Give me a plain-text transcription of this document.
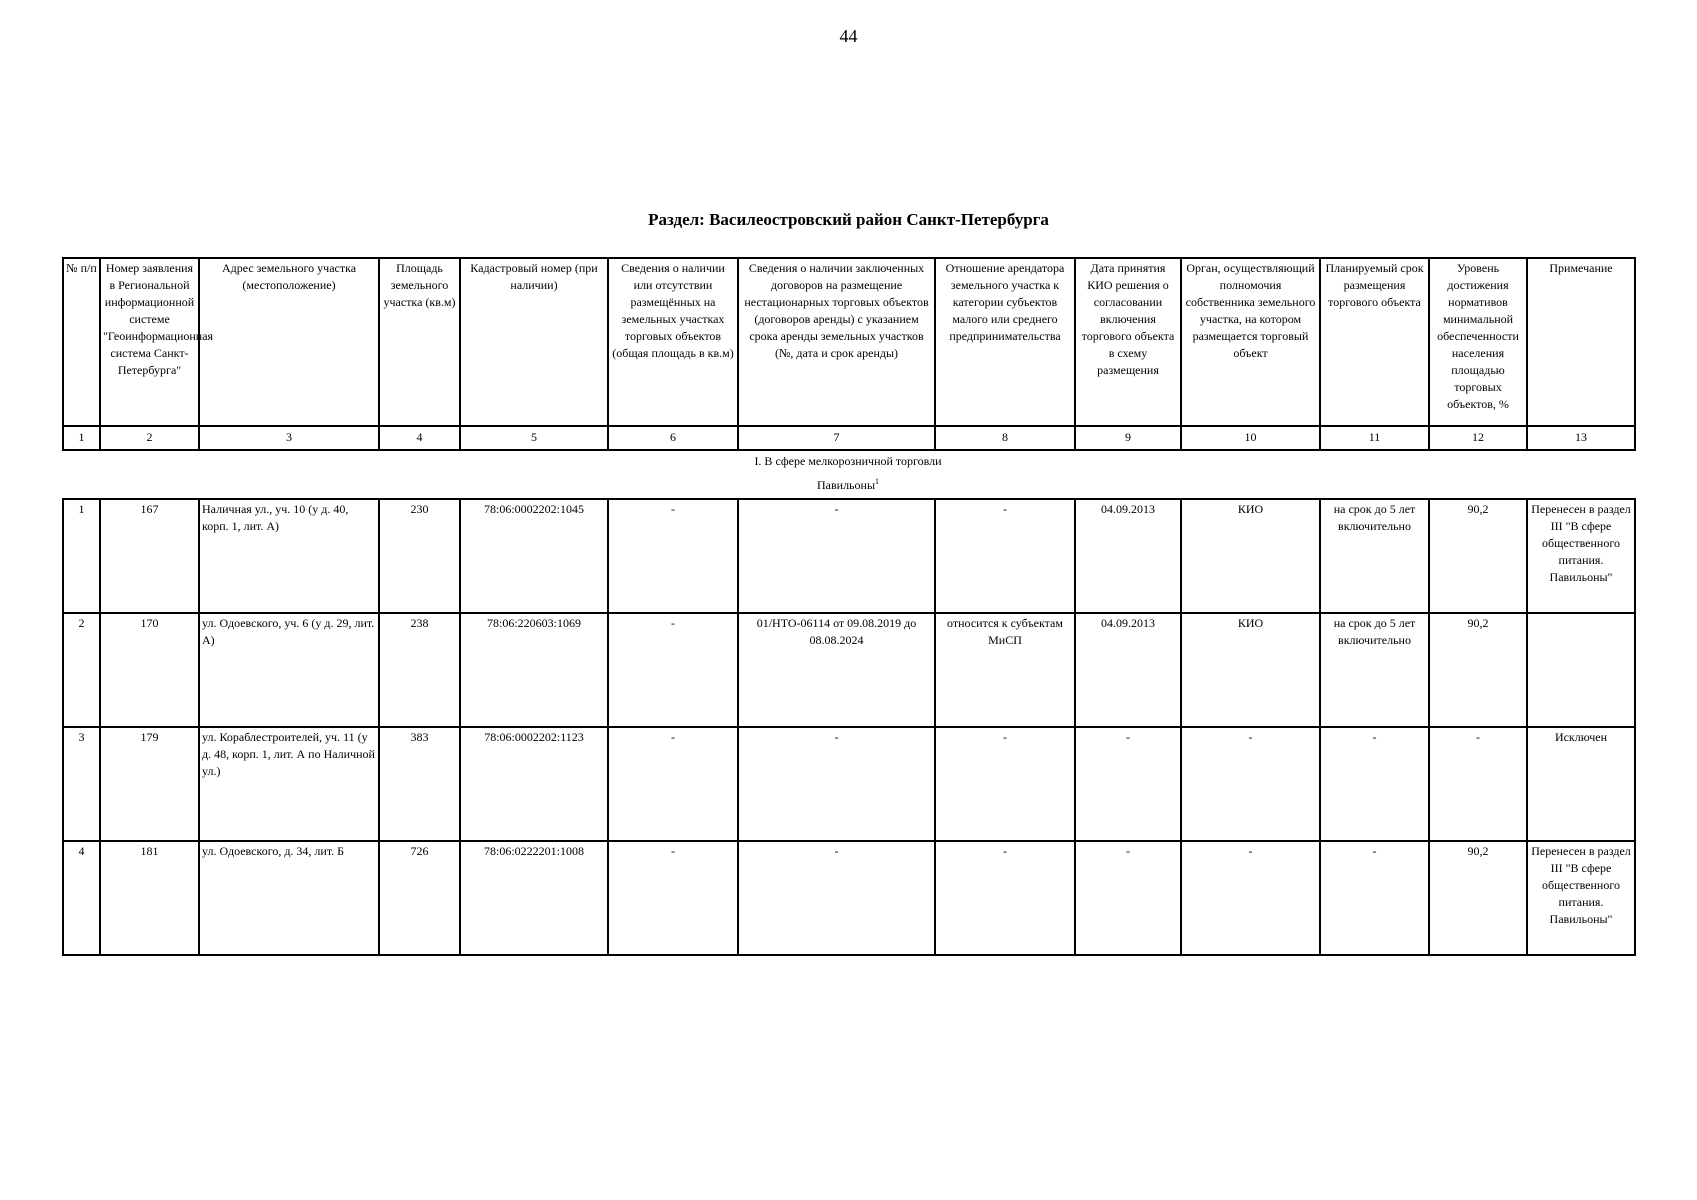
44
Раздел: Василеостровский район Санкт-Петербурга
№ п/п	Номер заявления в Региональной информационной системе "Геоинформационная система Санкт-Петербурга"	Адрес земельного участка (местоположение)	Площадь земельного участка (кв.м)	Кадастровый номер (при наличии)	Сведения о наличии или отсутствии размещённых на земельных участках торговых объектов (общая площадь в кв.м)	Сведения о наличии заключенных договоров на размещение нестационарных торговых объектов (договоров аренды) с указанием срока аренды земельных участков (№, дата и срок аренды)	Отношение арендатора земельного участка к категории субъектов малого или среднего предпринимательства	Дата принятия КИО решения о согласовании включения торгового объекта в схему размещения	Орган, осуществляющий полномочия собственника земельного участка, на котором размещается торговый объект	Планируемый срок размещения торгового объекта	Уровень достижения нормативов минимальной обеспеченности населения площадью торговых объектов, %	Примечание
1	2	3	4	5	6	7	8	9	10	11	12	13
I. В сфере мелкорозничной торговли
Павильоны$^1$
1	167	Наличная ул., уч. 10 (у д. 40, корп. 1, лит. А)	230	78:06:0002202:1045	-	-	-	04.09.2013	КИО	на срок до 5 лет включительно	90,2	Перенесен в раздел III "В сфере общественного питания. Павильоны"
2	170	ул. Одоевского, уч. 6 (у д. 29, лит. А)	238	78:06:220603:1069	-	01/НТО-06114 от 09.08.2019 до 08.08.2024	относится к субъектам МиСП	04.09.2013	КИО	на срок до 5 лет включительно	90,2	
3	179	ул. Кораблестроителей, уч. 11 (у д. 48, корп. 1, лит. А по Наличной ул.)	383	78:06:0002202:1123	-	-	-	-	-	-	-	Исключен
4	181	ул. Одоевского, д. 34, лит. Б	726	78:06:0222201:1008	-	-	-	-	-	-	90,2	Перенесен в раздел III "В сфере общественного питания. Павильоны"
